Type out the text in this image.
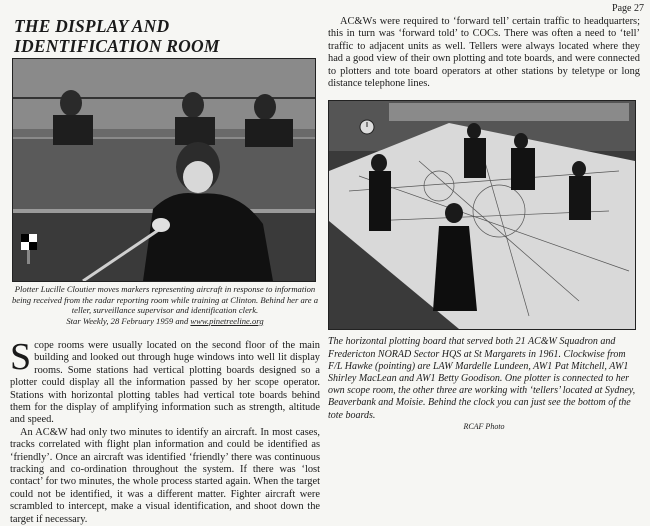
Page 27
THE DISPLAY AND IDENTIFICATION ROOM
Plotter Lucille Cloutier moves markers representing aircraft in response to information being received from the radar reporting room while training at Clinton. Behind her are a teller, surveillance supervisor and identification clerk.
Star Weekly, 28 February 1959 and www.pinetreeline.org

Scope rooms were usually located on the second floor of the main building and looked out through huge windows into well lit display rooms. Some stations had vertical plotting boards designed so a plotter could display all the information passed by her scope operator. Stations with horizontal plotting tables had vertical tote boards behind them for the display of amplifying information such as strength, altitude and speed.

An AC&W had only two minutes to identify an aircraft. In most cases, tracks correlated with flight plan information and could be identified as ‘friendly’. Once an aircraft was identified ‘friendly’ there was continuous tracking and co-ordination throughout the system. If there was ‘lost contact’ for two minutes, the whole process started again. When the target could not be identified, it was a different matter. Fighter aircraft were scrambled to intercept, make a visual identification, and shoot down the target if necessary.

AC&Ws were required to ‘forward tell’ certain traffic to headquarters; this in turn was ‘forward told’ to COCs. There was often a need to ‘tell’ traffic to adjacent units as well. Tellers were always located where they had a good view of their own plotting and tote boards, and were connected to plotters and tote board operators at other stations by teletype or long distance telephone lines.

The horizontal plotting board that served both 21 AC&W Squadron and Fredericton NORAD Sector HQS at St Margarets in 1961. Clockwise from F/L Hawke (pointing) are LAW Mardelle Lundeen, AW1 Pat Mitchell, AW1 Shirley MacLean and AW1 Betty Goodison. One plotter is connected to her own scope room, the other three are working with ‘tellers’ located at Sydney, Beaverbank and Moisie. Behind the clock you can just see the bottom of the tote boards.
RCAF Photo
